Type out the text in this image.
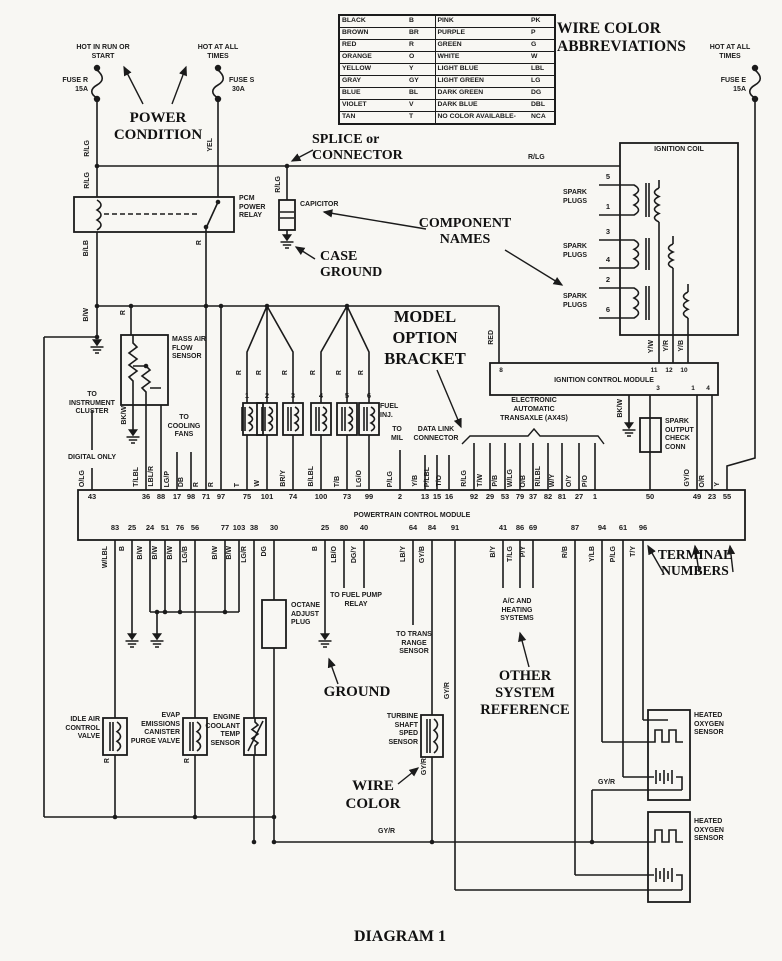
BLACK	B	PINK	PK
BROWN	BR	PURPLE	P
RED	R	GREEN	G
ORANGE	O	WHITE	W
YELLOW	Y	LIGHT BLUE	LBL
GRAY	GY	LIGHT GREEN	LG
BLUE	BL	DARK GREEN	DG
VIOLET	V	DARK BLUE	DBL
TAN	T	NO COLOR AVAILABLE-	NCA
WIRE COLOR ABBREVIATIONS
POWER CONDITION	SPLICE or CONNECTOR
CASE GROUND
COMPONENT NAMES
MODEL OPTION BRACKET
GROUND
WIRE COLOR
OTHER SYSTEM REFERENCE
TERMINAL NUMBERS
DIAGRAM 1
HOT IN RUN OR START
HOT AT ALL TIMES
HOT AT ALL TIMES
FUSE R
15A
FUSE S
30A
FUSE E
15A
PCM POWER RELAY
CAPICITOR
MASS AIR FLOW SENSOR
FUEL INJ.
IGNITION COIL
SPARK PLUGS
SPARK PLUGS
SPARK PLUGS
IGNITION CONTROL MODULE
POWERTRAIN CONTROL MODULE
SPARK OUTPUT CHECK CONN
DATA LINK CONNECTOR
ELECTRONIC
AUTOMATIC
TRANSAXLE (AX4S)
IDLE AIR CONTROL VALVE
EVAP EMISSIONS CANISTER PURGE VALVE
ENGINE COOLANT TEMP SENSOR
OCTANE ADJUST PLUG
TURBINE SHAFT SPED SENSOR
HEATED OXYGEN SENSOR
HEATED OXYGEN SENSOR
A/C AND HEATING SYSTEMS
TO INSTRUMENT CLUSTER
DIGITAL ONLY
TO COOLING FANS
TO MIL
TO FUEL PUMP RELAY
TO TRANS RANGE SENSOR
8	11	12	10
3	1	4
5
1
3
4
2
6
R/LG
R/LG	R/LG
R/LG
YEL
B/LB
B/W
R
R
BK/W
RED
Y/W Y/R Y/B
BK/W
GY/R
GY/R
R	R
R R	R	R	R R
GY/R
GY/R
43	36 88	17 98 71 97	75	101	74	100	73	99	2	13 15 16	92	29 53 79 37 82 81	27	1	50	49 23 55
83	25	24 51 76 56	77 103 38	30	25	80	40	64	84	91	41	86 69	87	94	61	96
1	2	3	4	5	6
O/LG	T/LBL LBL/R LG/P DB R R	T W	BR/Y	B/LBL	T/B LG/O	P/LG	Y/B P/LBL T/O	R/LG T/W P/B W/LG O/B R/LBL W/Y O/Y P/O	GY/O O/R Y
W/LBL B B/W B/W B/W LG/B	B/W B/W LG/R DG	B LB/O DG/Y	LB/Y GY/B	B/Y T/LG P/Y	R/B	Y/LB P/LG T/Y
